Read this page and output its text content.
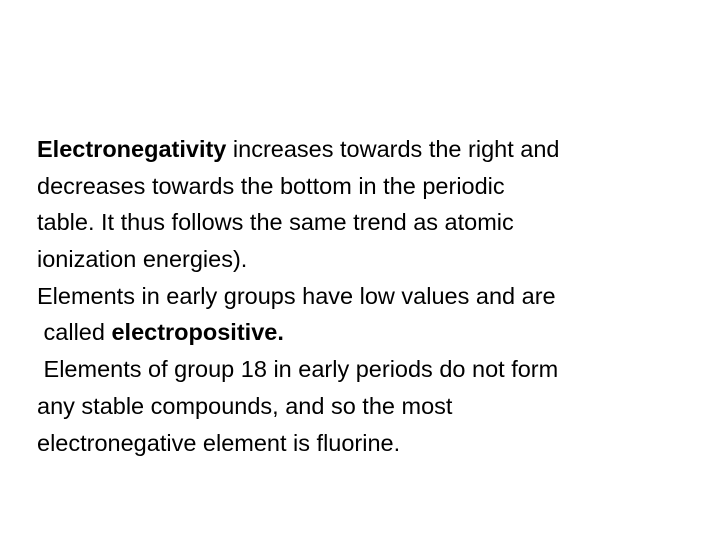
Electronegativity increases towards the right and
decreases towards the bottom in the periodic
table. It thus follows the same trend as atomic
ionization energies).
Elements in early groups have low values and are
called electropositive.
Elements of group 18 in early periods do not form
any stable compounds, and so the most
electronegative element is fluorine.
